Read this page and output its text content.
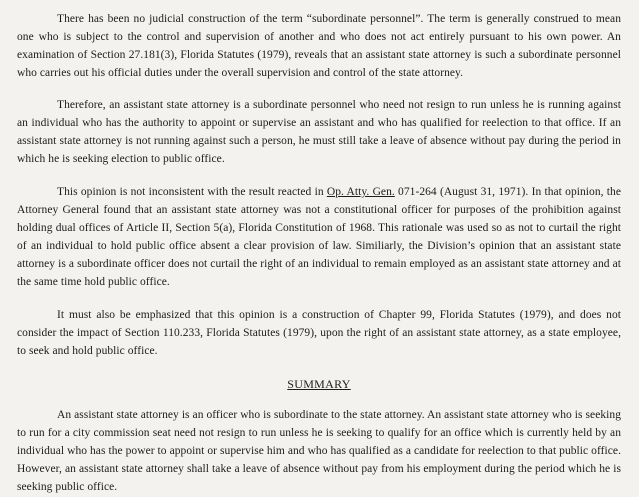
There has been no judicial construction of the term “subordinate personnel”. The term is generally construed to mean one who is subject to the control and supervision of another and who does not act entirely pursuant to his own power. An examination of Section 27.181(3), Florida Statutes (1979), reveals that an assistant state attorney is such a subordinate personnel who carries out his official duties under the overall supervision and control of the state attorney.

Therefore, an assistant state attorney is a subordinate personnel who need not resign to run unless he is running against an individual who has the authority to appoint or supervise an assistant and who has qualified for reelection to that office. If an assistant state attorney is not running against such a person, he must still take a leave of absence without pay during the period in which he is seeking election to public office.

This opinion is not inconsistent with the result reacted in Op. Atty. Gen. 071-264 (August 31, 1971). In that opinion, the Attorney General found that an assistant state attorney was not a constitutional officer for purposes of the prohibition against holding dual offices of Article II, Section 5(a), Florida Constitution of 1968. This rationale was used so as not to curtail the right of an individual to hold public office absent a clear provision of law. Similiarly, the Division’s opinion that an assistant state attorney is a subordinate officer does not curtail the right of an individual to remain employed as an assistant state attorney and at the same time hold public office.

It must also be emphasized that this opinion is a construction of Chapter 99, Florida Statutes (1979), and does not consider the impact of Section 110.233, Florida Statutes (1979), upon the right of an assistant state attorney, as a state employee, to seek and hold public office.

SUMMARY

An assistant state attorney is an officer who is subordinate to the state attorney. An assistant state attorney who is seeking to run for a city commission seat need not resign to run unless he is seeking to qualify for an office which is currently held by an individual who has the power to appoint or supervise him and who has qualified as a candidate for reelection to that public office. However, an assistant state attorney shall take a leave of absence without pay from his employment during the period which he is seeking public office.
